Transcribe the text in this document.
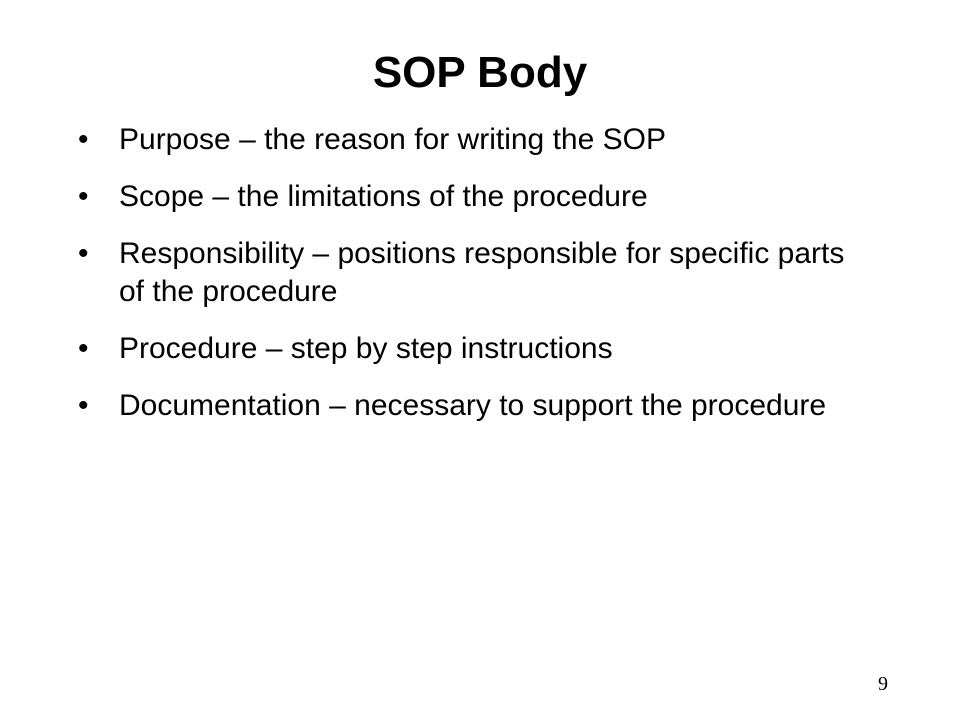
SOP Body
•	Purpose – the reason for writing the SOP
•	Scope – the limitations of the procedure
•	Responsibility – positions responsible for specific parts of the procedure
•	Procedure – step by step instructions
•	Documentation – necessary to support the procedure
9
